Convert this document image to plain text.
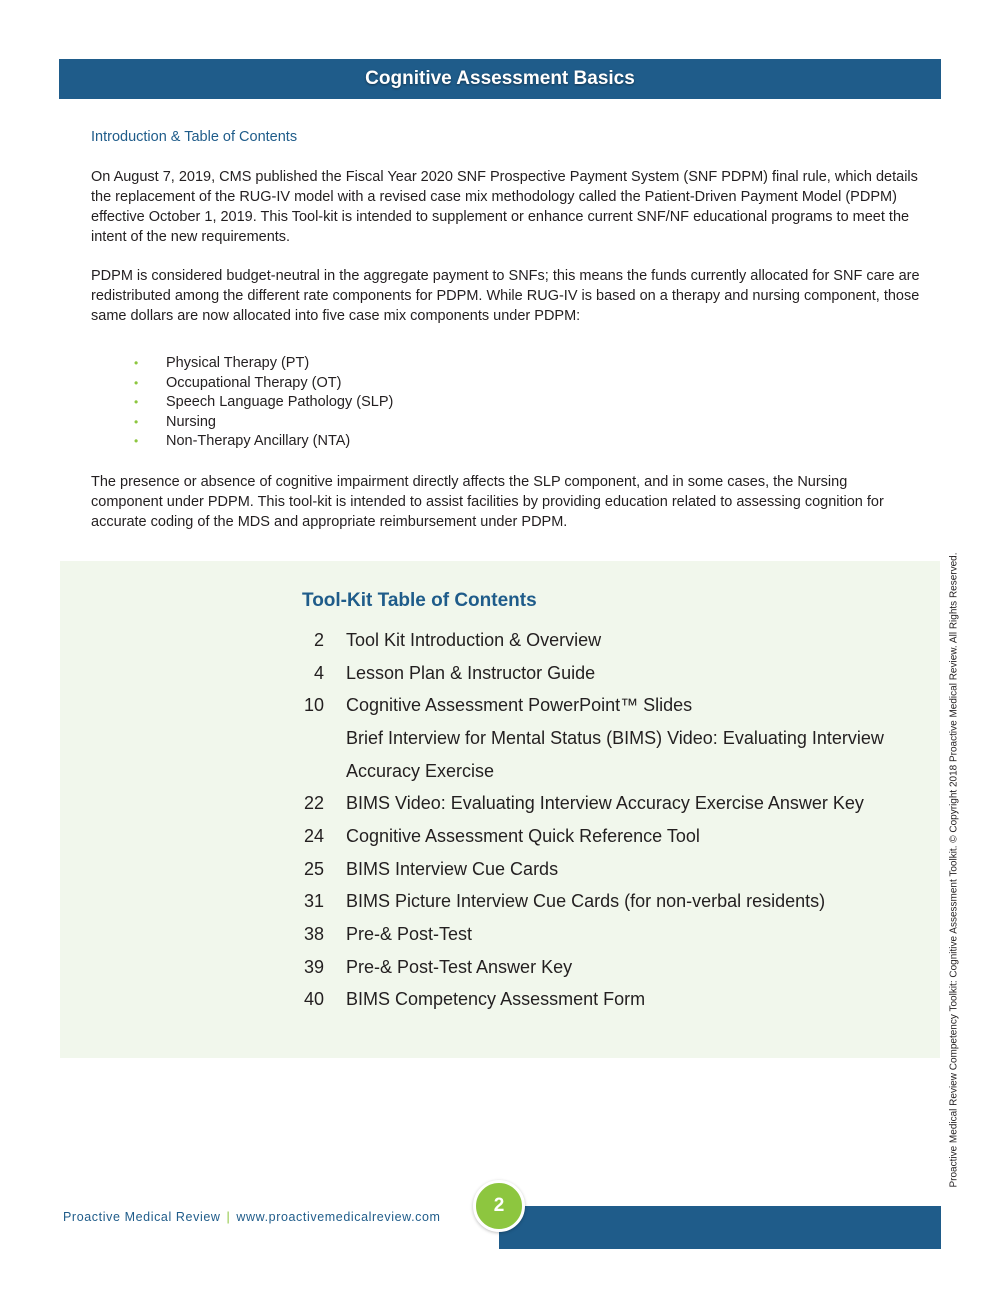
Cognitive Assessment Basics
Introduction & Table of Contents

On August 7, 2019, CMS published the Fiscal Year 2020 SNF Prospective Payment System (SNF PDPM) final rule, which details the replacement of the RUG-IV model with a revised case mix methodology called the Patient-Driven Payment Model (PDPM) effective October 1, 2019. This Tool-kit is intended to supplement or enhance current SNF/NF educational programs to meet the intent of the new requirements.

PDPM is considered budget-neutral in the aggregate payment to SNFs; this means the funds currently allocated for SNF care are redistributed among the different rate components for PDPM. While RUG-IV is based on a therapy and nursing component, those same dollars are now allocated into five case mix components under PDPM:

• Physical Therapy (PT)
• Occupational Therapy (OT)
• Speech Language Pathology (SLP)
• Nursing
• Non-Therapy Ancillary (NTA)

The presence or absence of cognitive impairment directly affects the SLP component, and in some cases, the Nursing component under PDPM. This tool-kit is intended to assist facilities by providing education related to assessing cognition for accurate coding of the MDS and appropriate reimbursement under PDPM.

Tool-Kit Table of Contents
2 Tool Kit Introduction & Overview
4 Lesson Plan & Instructor Guide
10 Cognitive Assessment PowerPoint™ Slides
Brief Interview for Mental Status (BIMS) Video: Evaluating Interview
Accuracy Exercise
22 BIMS Video: Evaluating Interview Accuracy Exercise Answer Key
24 Cognitive Assessment Quick Reference Tool
25 BIMS Interview Cue Cards
31 BIMS Picture Interview Cue Cards (for non-verbal residents)
38 Pre-& Post-Test
39 Pre-& Post-Test Answer Key
40 BIMS Competency Assessment Form	Proactive Medical Review Competency Toolkit: Cognitive Assessment Toolkit. © Copyright 2018 Proactive Medical Review. All Rights Reserved.
2
Proactive Medical Review | www.proactivemedicalreview.com
